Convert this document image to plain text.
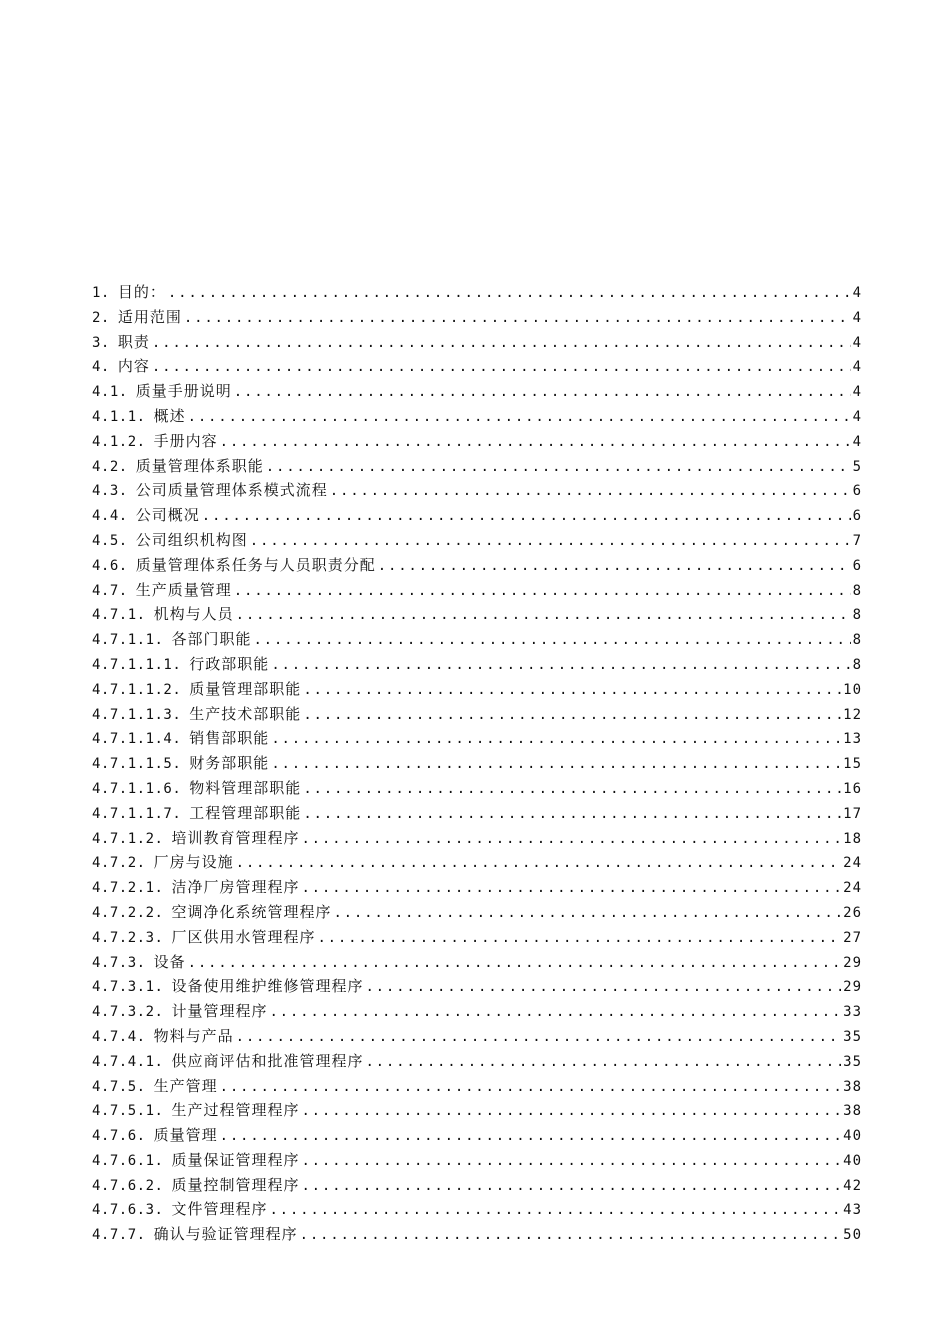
1. 目的： .....	4
2. 适用范围 .....	4
3. 职责 .....	4
4. 内容 .....	4
4.1. 质量手册说明 .....	4
4.1.1. 概述 .....	4
4.1.2. 手册内容 .....	4
4.2. 质量管理体系职能 .....	5
4.3. 公司质量管理体系模式流程 .....	6
4.4. 公司概况 .....	6
4.5. 公司组织机构图 .....	7
4.6. 质量管理体系任务与人员职责分配 .....	6
4.7. 生产质量管理 .....	8
4.7.1. 机构与人员 .....	8
4.7.1.1. 各部门职能 .....	8
4.7.1.1.1. 行政部职能 .....	8
4.7.1.1.2. 质量管理部职能 .....	10
4.7.1.1.3. 生产技术部职能 .....	12
4.7.1.1.4. 销售部职能 .....	13
4.7.1.1.5. 财务部职能 .....	15
4.7.1.1.6. 物料管理部职能 .....	16
4.7.1.1.7. 工程管理部职能 .....	17
4.7.1.2. 培训教育管理程序 .....	18
4.7.2. 厂房与设施 .....	24
4.7.2.1. 洁净厂房管理程序 .....	24
4.7.2.2. 空调净化系统管理程序 .....	26
4.7.2.3. 厂区供用水管理程序 .....	27
4.7.3. 设备 .....	29
4.7.3.1. 设备使用维护维修管理程序 .....	29
4.7.3.2. 计量管理程序 .....	33
4.7.4. 物料与产品 .....	35
4.7.4.1. 供应商评估和批准管理程序 .....	35
4.7.5. 生产管理 .....	38
4.7.5.1. 生产过程管理程序 .....	38
4.7.6. 质量管理 .....	40
4.7.6.1. 质量保证管理程序 .....	40
4.7.6.2. 质量控制管理程序 .....	42
4.7.6.3. 文件管理程序 .....	43
4.7.7. 确认与验证管理程序 .....	50
